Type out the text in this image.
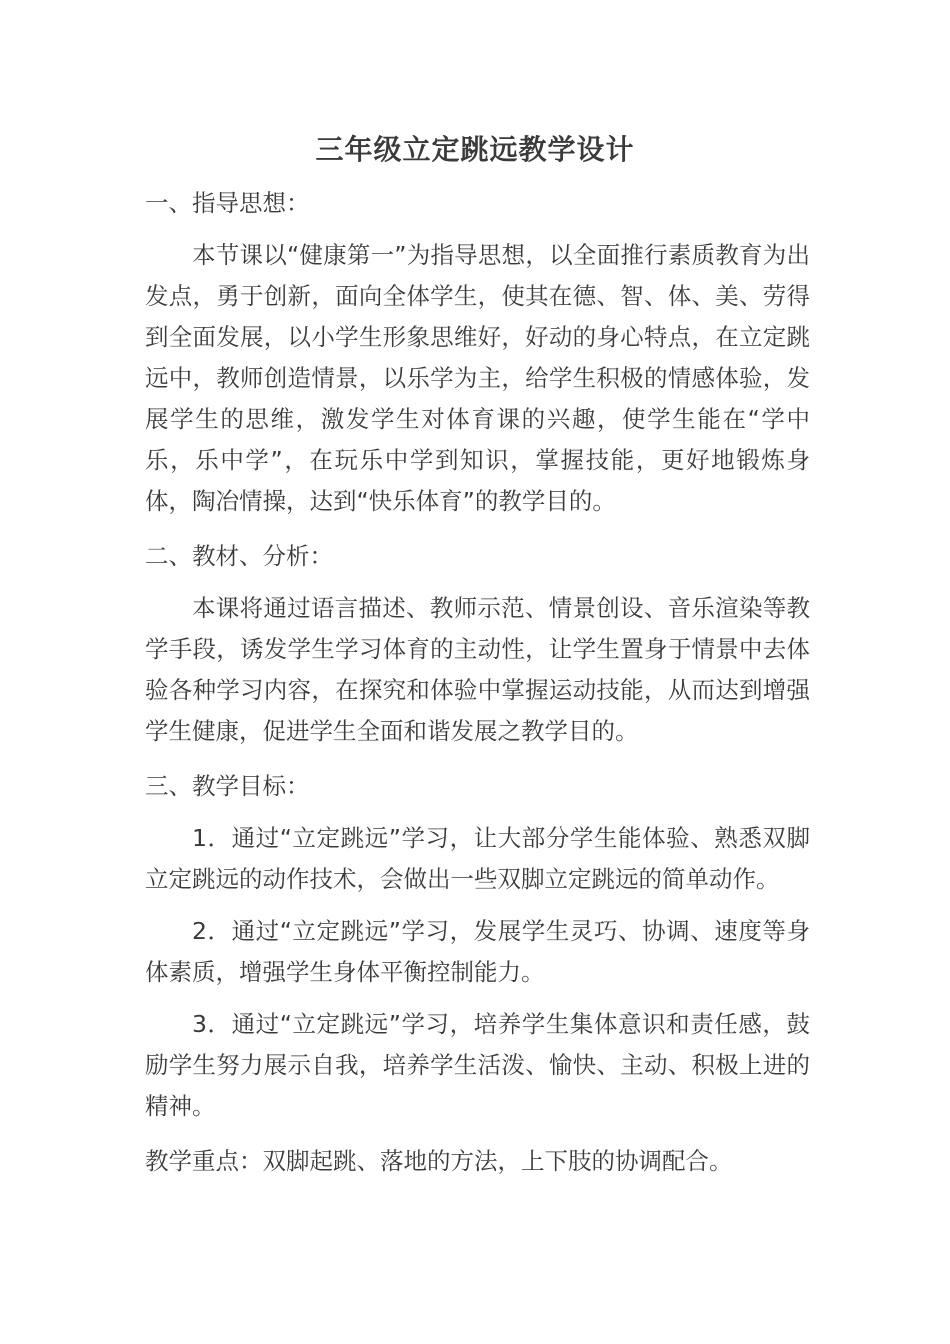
三年级立定跳远教学设计
一、指导思想：

本节课以“健康第一”为指导思想，以全面推行素质教育为出发点，勇于创新，面向全体学生，使其在德、智、体、美、劳得到全面发展，以小学生形象思维好，好动的身心特点，在立定跳远中，教师创造情景，以乐学为主，给学生积极的情感体验，发展学生的思维，激发学生对体育课的兴趣，使学生能在“学中乐，乐中学”，在玩乐中学到知识，掌握技能，更好地锻炼身体，陶冶情操，达到“快乐体育”的教学目的。

二、教材、分析：

本课将通过语言描述、教师示范、情景创设、音乐渲染等教学手段，诱发学生学习体育的主动性，让学生置身于情景中去体验各种学习内容，在探究和体验中掌握运动技能，从而达到增强学生健康，促进学生全面和谐发展之教学目的。

三、教学目标：

1．通过“立定跳远”学习，让大部分学生能体验、熟悉双脚立定跳远的动作技术，会做出一些双脚立定跳远的简单动作。

2．通过“立定跳远”学习，发展学生灵巧、协调、速度等身体素质，增强学生身体平衡控制能力。

3．通过“立定跳远”学习，培养学生集体意识和责任感，鼓励学生努力展示自我，培养学生活泼、愉快、主动、积极上进的精神。

教学重点：双脚起跳、落地的方法，上下肢的协调配合。
